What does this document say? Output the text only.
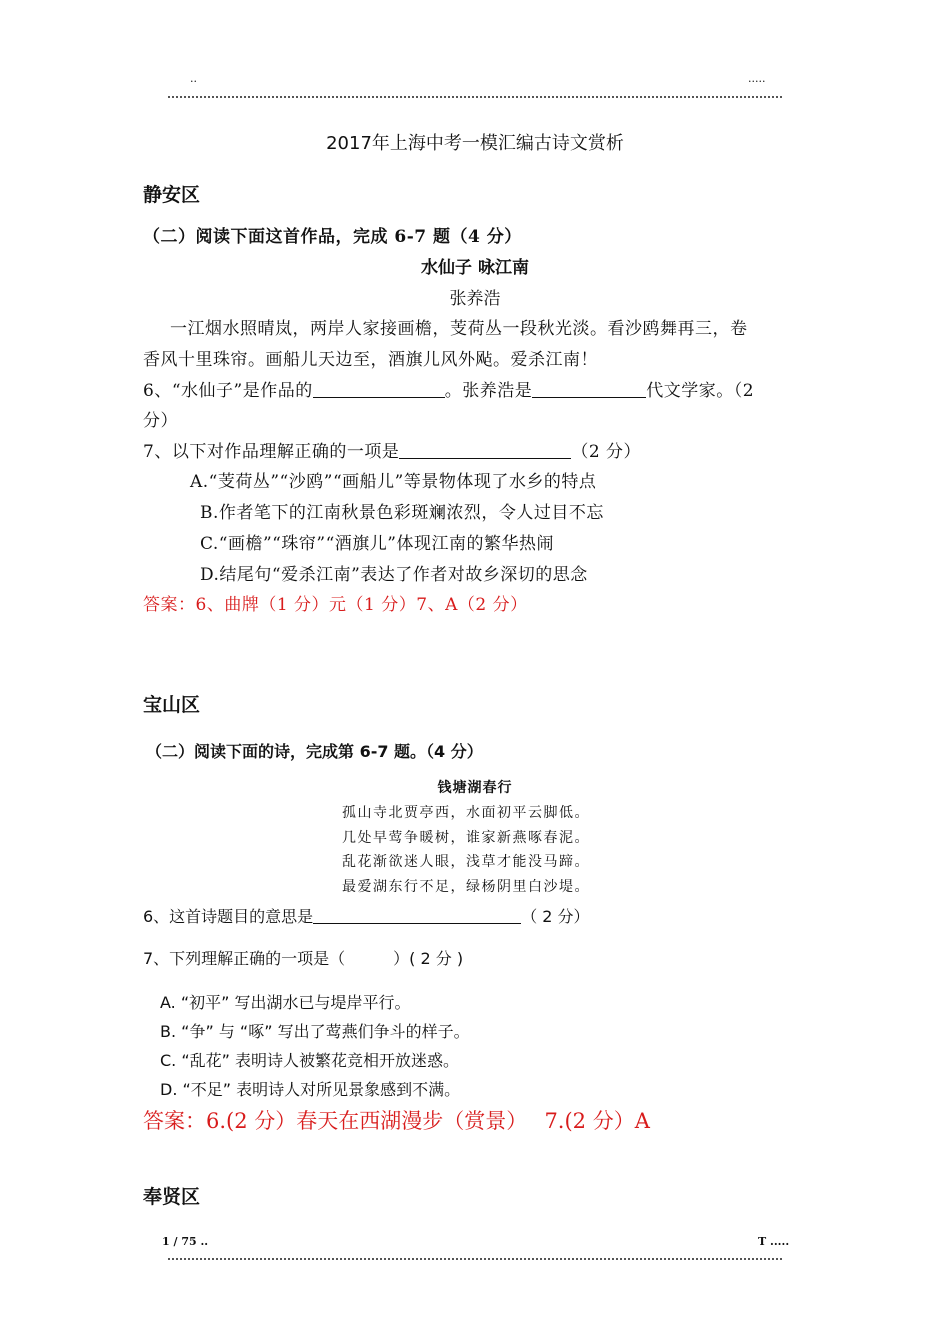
..	.....
2017年上海中考一模汇编古诗文赏析
静安区
（二）阅读下面这首作品，完成 6-7 题（4 分）
水仙子 咏江南
张养浩
一江烟水照晴岚，两岸人家接画檐，芰荷丛一段秋光淡。看沙鸥舞再三，卷
香风十里珠帘。画船儿天边至，酒旗儿风外飐。爱杀江南！
6、“水仙子”是作品的	。张养浩是	代文学家。（2
分）
7、以下对作品理解正确的一项是	（2 分）
A.“芰荷丛”“沙鸥”“画船儿”等景物体现了水乡的特点
B.作者笔下的江南秋景色彩斑斓浓烈，令人过目不忘
C.“画檐”“珠帘”“酒旗儿”体现江南的繁华热闹
D.结尾句“爱杀江南”表达了作者对故乡深切的思念
答案：6、曲牌（1 分）元（1 分）7、A（2 分）
宝山区
（二）阅读下面的诗，完成第 6-7 题。（4 分）
钱塘湖春行
孤山寺北贾亭西，水面初平云脚低。
几处早莺争暖树，谁家新燕啄春泥。
乱花渐欲迷人眼，浅草才能没马蹄。
最爱湖东行不足，绿杨阴里白沙堤。
6、这首诗题目的意思是	（ 2 分）
7、下列理解正确的一项是（　　　）( 2 分 )
A. “初平” 写出湖水已与堤岸平行。
B. “争” 与 “啄” 写出了莺燕们争斗的样子。
C. “乱花” 表明诗人被繁花竞相开放迷惑。
D. “不足” 表明诗人对所见景象感到不满。
答案：6.(2 分）春天在西湖漫步（赏景）　 7.(2 分）A
奉贤区
1 / 75 ..	T .....
